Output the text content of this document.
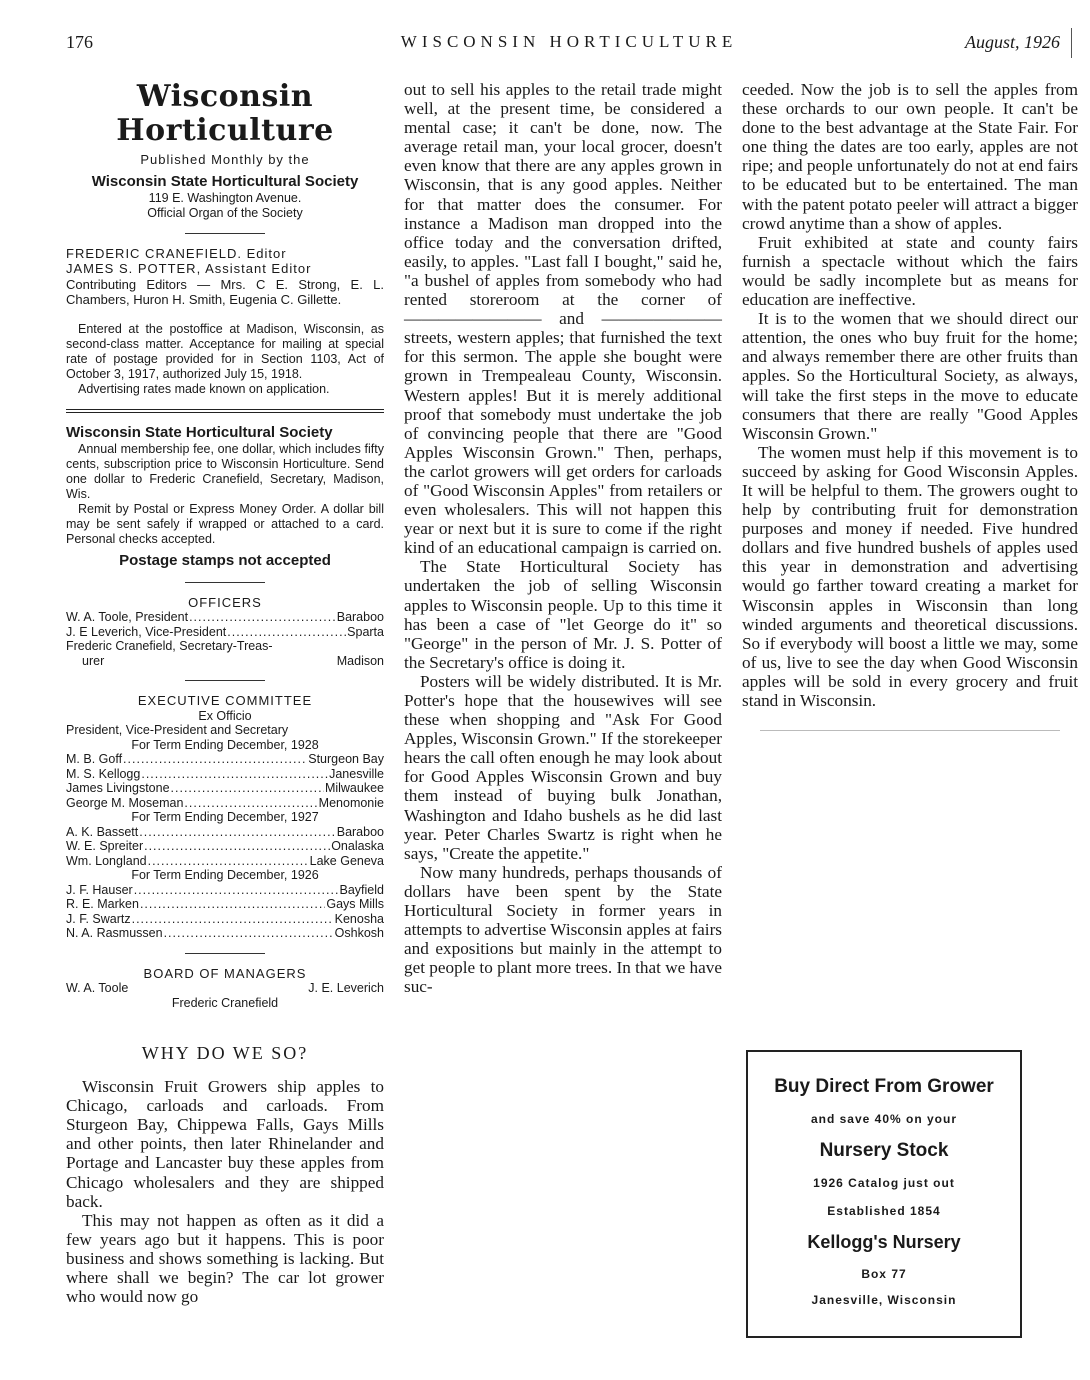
176	WISCONSIN HORTICULTURE	August, 1926
Wisconsin Horticulture
Published Monthly by the
Wisconsin State Horticultural Society
119 E. Washington Avenue.
Official Organ of the Society
FREDERIC CRANEFIELD. Editor
JAMES S. POTTER, Assistant Editor
Contributing Editors — Mrs. C E. Strong, E. L. Chambers, Huron H. Smith, Eugenia C. Gillette.
Entered at the postoffice at Madison, Wisconsin, as second-class matter. Acceptance for mailing at special rate of postage provided for in Section 1103, Act of October 3, 1917, authorized July 15, 1918.
Advertising rates made known on application.
Wisconsin State Horticultural Society
Annual membership fee, one dollar, which includes fifty cents, subscription price to Wisconsin Horticulture. Send one dollar to Frederic Cranefield, Secretary, Madison, Wis.
Remit by Postal or Express Money Order. A dollar bill may be sent safely if wrapped or attached to a card. Personal checks accepted.
Postage stamps not accepted
OFFICERS
W. A. Toole, President .....	Baraboo
J. E Leverich, Vice-President .....	Sparta
Frederic Cranefield, Secretary-Treas-
urer	Madison
EXECUTIVE COMMITTEE
Ex Officio
President, Vice-President and Secretary
For Term Ending December, 1928
M. B. Goff .....	Sturgeon Bay
M. S. Kellogg .....	Janesville
James Livingstone .....	Milwaukee
George M. Moseman .....	Menomonie
For Term Ending December, 1927
A. K. Bassett .....	Baraboo
W. E. Spreiter .....	Onalaska
Wm. Longland .....	Lake Geneva
For Term Ending December, 1926
J. F. Hauser .....	Bayfield
R. E. Marken .....	Gays Mills
J. F. Swartz .....	Kenosha
N. A. Rasmussen .....	Oshkosh
BOARD OF MANAGERS
W. A. Toole	J. E. Leverich
Frederic Cranefield
WHY DO WE SO?

Wisconsin Fruit Growers ship apples to Chicago, carloads and carloads. From Sturgeon Bay, Chippewa Falls, Gays Mills and other points, then later Rhinelander and Portage and Lancaster buy these apples from Chicago wholesalers and they are shipped back.

This may not happen as often as it did a few years ago but it happens. This is poor business and shows something is lacking. But where shall we begin? The car lot grower who would now go

out to sell his apples to the retail trade might well, at the present time, be considered a mental case; it can't be done, now. The average retail man, your local grocer, doesn't even know that there are any apples grown in Wisconsin, that is any good apples. Neither for that matter does the consumer. For instance a Madison man dropped into the office today and the conversation drifted, easily, to apples. "Last fall I bought," said he, "a bushel of apples from somebody who had rented storeroom at the corner of ———————— and ——————— streets, western apples; that furnished the text for this sermon. The apple she bought were grown in Trempealeau County, Wisconsin. Western apples! But it is merely additional proof that somebody must undertake the job of convincing people that there are "Good Apples Wisconsin Grown." Then, perhaps, the carlot growers will get orders for carloads of "Good Wisconsin Apples" from retailers or even wholesalers. This will not happen this year or next but it is sure to come if the right kind of an educational campaign is carried on.

The State Horticultural Society has undertaken the job of selling Wisconsin apples to Wisconsin people. Up to this time it has been a case of "let George do it" so "George" in the person of Mr. J. S. Potter of the Secretary's office is doing it.

Posters will be widely distributed. It is Mr. Potter's hope that the housewives will see these when shopping and "Ask For Good Apples, Wisconsin Grown." If the storekeeper hears the call often enough he may look about for Good Apples Wisconsin Grown and buy them instead of buying bulk Jonathan, Washington and Idaho bushels as he did last year. Peter Charles Swartz is right when he says, "Create the appetite."

Now many hundreds, perhaps thousands of dollars have been spent by the State Horticultural Society in former years in attempts to advertise Wisconsin apples at fairs and expositions but mainly in the attempt to get people to plant more trees. In that we have suc-

ceeded. Now the job is to sell the apples from these orchards to our own people. It can't be done to the best advantage at the State Fair. For one thing the dates are too early, apples are not ripe; and people unfortunately do not at end fairs to be educated but to be entertained. The man with the patent potato peeler will attract a bigger crowd anytime than a show of apples.

Fruit exhibited at state and county fairs furnish a spectacle without which the fairs would be sadly incomplete but as means for education are ineffective.

It is to the women that we should direct our attention, the ones who buy fruit for the home; and always remember there are other fruits than apples. So the Horticultural Society, as always, will take the first steps in the move to educate consumers that there are really "Good Apples Wisconsin Grown."

The women must help if this movement is to succeed by asking for Good Wisconsin Apples. It will be helpful to them. The growers ought to help by contributing fruit for demonstration purposes and money if needed. Five hundred dollars and five hundred bushels of apples used this year in demonstration and advertising would go farther toward creating a market for Wisconsin apples in Wisconsin than long winded arguments and theoretical discussions. So if everybody will boost a little we may, some of us, live to see the day when Good Wisconsin apples will be sold in every grocery and fruit stand in Wisconsin.

Buy Direct From Grower
and save 40% on your
Nursery Stock
1926 Catalog just out
Established 1854
Kellogg's Nursery
Box 77
Janesville, Wisconsin
